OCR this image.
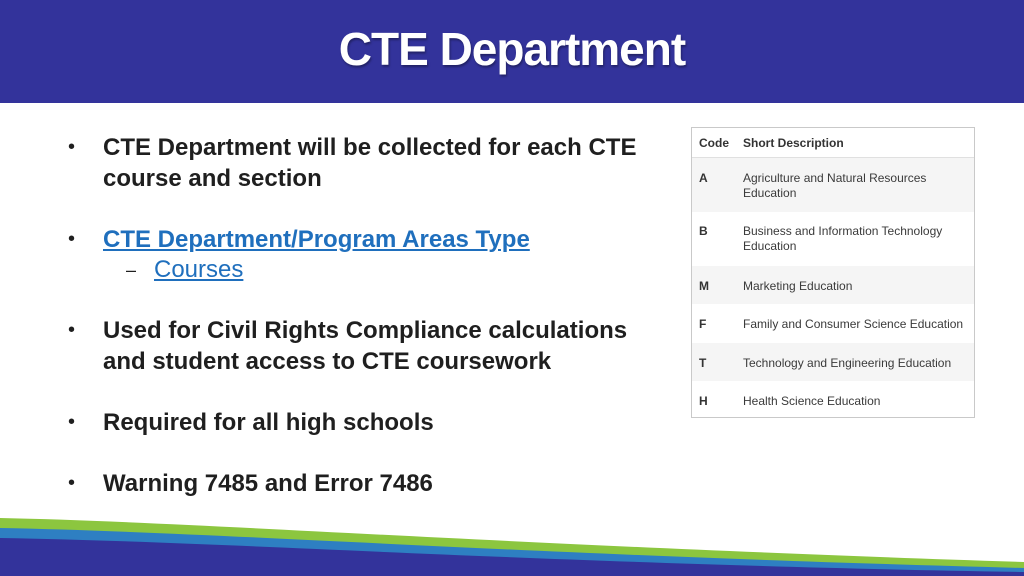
CTE Department
•	CTE Department will be collected for each CTE course and section
•	CTE Department/Program Areas Type
– Courses
•	Used for Civil Rights Compliance calculations and student access to CTE coursework
•	Required for all high schools
•	Warning 7485 and Error 7486
Code	Short Description
A	Agriculture and Natural Resources Education
B	Business and Information Technology Education
M	Marketing Education
F	Family and Consumer Science Education
T	Technology and Engineering Education
H	Health Science Education
